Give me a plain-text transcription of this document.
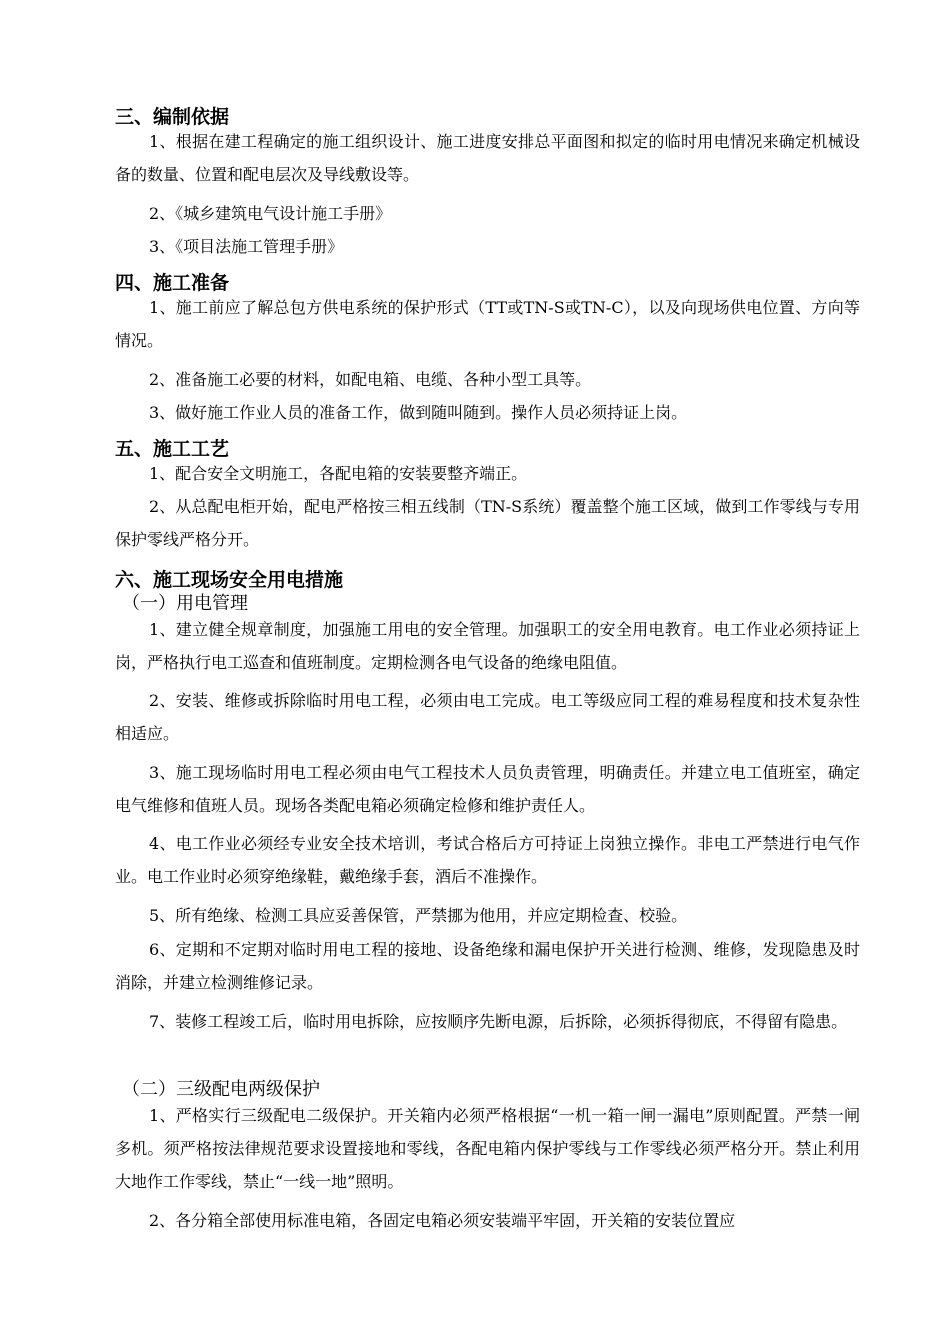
三、编制依据
1、根据在建工程确定的施工组织设计、施工进度安排总平面图和拟定的临时用电情况来确定机械设备的数量、位置和配电层次及导线敷设等。
2、《城乡建筑电气设计施工手册》
3、《项目法施工管理手册》
四、施工准备
1、施工前应了解总包方供电系统的保护形式（TT或TN-S或TN-C），以及向现场供电位置、方向等情况。
2、准备施工必要的材料，如配电箱、电缆、各种小型工具等。
3、做好施工作业人员的准备工作，做到随叫随到。操作人员必须持证上岗。
五、施工工艺
1、配合安全文明施工，各配电箱的安装要整齐端正。
2、从总配电柜开始，配电严格按三相五线制（TN-S系统）覆盖整个施工区域，做到工作零线与专用保护零线严格分开。
六、施工现场安全用电措施
（一）用电管理
1、建立健全规章制度，加强施工用电的安全管理。加强职工的安全用电教育。电工作业必须持证上岗，严格执行电工巡查和值班制度。定期检测各电气设备的绝缘电阻值。
2、安装、维修或拆除临时用电工程，必须由电工完成。电工等级应同工程的难易程度和技术复杂性相适应。
3、施工现场临时用电工程必须由电气工程技术人员负责管理，明确责任。并建立电工值班室，确定电气维修和值班人员。现场各类配电箱必须确定检修和维护责任人。
4、电工作业必须经专业安全技术培训，考试合格后方可持证上岗独立操作。非电工严禁进行电气作业。电工作业时必须穿绝缘鞋，戴绝缘手套，酒后不准操作。
5、所有绝缘、检测工具应妥善保管，严禁挪为他用，并应定期检查、校验。
6、定期和不定期对临时用电工程的接地、设备绝缘和漏电保护开关进行检测、维修，发现隐患及时消除，并建立检测维修记录。
7、装修工程竣工后，临时用电拆除，应按顺序先断电源，后拆除，必须拆得彻底，不得留有隐患。
（二）三级配电两级保护
1、严格实行三级配电二级保护。开关箱内必须严格根据“一机一箱一闸一漏电”原则配置。严禁一闸多机。须严格按法律规范要求设置接地和零线，各配电箱内保护零线与工作零线必须严格分开。禁止利用大地作工作零线，禁止“一线一地”照明。
2、各分箱全部使用标准电箱，各固定电箱必须安装端平牢固，开关箱的安装位置应
